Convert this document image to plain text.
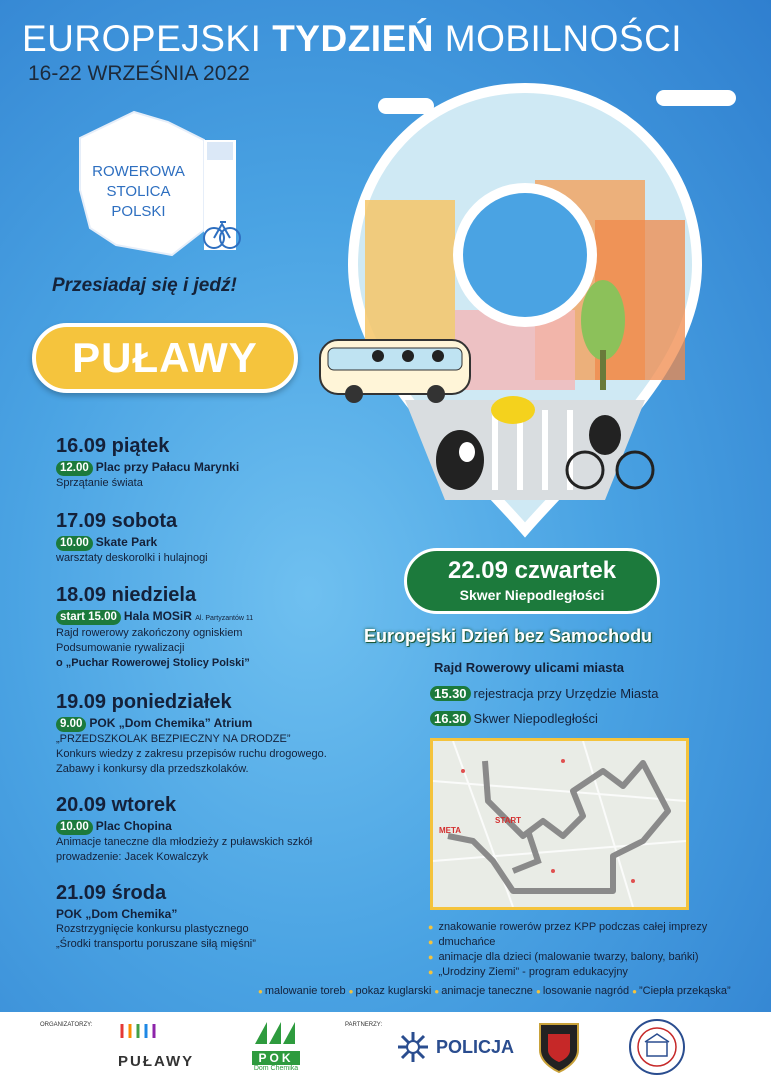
EUROPEJSKI TYDZIEŃ MOBILNOŚCI
16-22 WRZEŚNIA 2022
ROWEROWA
STOLICA
POLSKI
Przesiadaj się i jedź!
PUŁAWY
16.09 piątek
12.00 Plac przy Pałacu Marynki
Sprzątanie świata
17.09 sobota
10.00 Skate Park
warsztaty deskorolki i hulajnogi
18.09 niedziela
start 15.00 Hala MOSiR Al. Partyzantów 11
Rajd rowerowy zakończony ogniskiem
Podsumowanie rywalizacji
o „Puchar Rowerowej Stolicy Polski”
19.09 poniedziałek
9.00 POK „Dom Chemika” Atrium
„PRZEDSZKOLAK BEZPIECZNY NA DRODZE”
Konkurs wiedzy z zakresu przepisów ruchu drogowego.
Zabawy i konkursy dla przedszkolaków.
20.09 wtorek
10.00 Plac Chopina
Animacje taneczne dla młodzieży z puławskich szkół
prowadzenie: Jacek Kowalczyk
21.09 środa
POK „Dom Chemika”
Rozstrzygnięcie konkursu plastycznego
„Środki transportu poruszane siłą mięśni”
22.09 czwartek
Skwer Niepodległości
Europejski Dzień bez Samochodu
Rajd Rowerowy ulicami miasta
15.30 rejestracja przy Urzędzie Miasta
16.30 Skwer Niepodległości
META
START
● znakowanie rowerów przez KPP podczas całej imprezy
● dmuchańce
● animacje dla dzieci (malowanie twarzy, balony, bańki)
● „Urodziny Ziemi” - program edukacyjny
● malowanie toreb ● pokaz kuglarski ● animacje taneczne ● losowanie nagród ● ”Ciepła przekąska”
ORGANIZATORZY:	PARTNERZY:
PUŁAWY	POK
Dom Chemika
POLICJA
